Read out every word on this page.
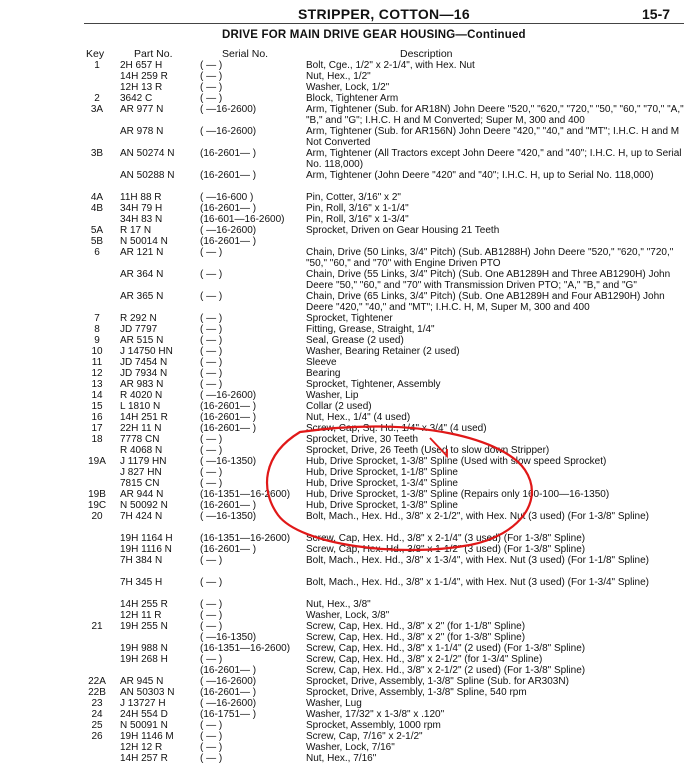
STRIPPER, COTTON—16	15-7
DRIVE FOR MAIN DRIVE GEAR HOUSING—Continued
Key	Part No.	Serial No.	Description
1	2H 657 H	( — )	Bolt, Cge., 1/2" x 2-1/4", with Hex. Nut
14H 259 R	( — )	Nut, Hex., 1/2"
12H 13 R	( — )	Washer, Lock, 1/2"
2	3642 C	( — )	Block, Tightener Arm
3A	AR 977 N	( —16-2600)	Arm, Tightener (Sub. for AR18N) John Deere "520," "620," "720," "50," "60," "70," "A," "B," and "G"; I.H.C. H and M Converted; Super M, 300 and 400
AR 978 N	( —16-2600)	Arm, Tightener (Sub. for AR156N) John Deere "420," "40," and "MT"; I.H.C. H and M Not Converted
3B	AN 50274 N	(16-2601— )	Arm, Tightener (All Tractors except John Deere "420," and "40"; I.H.C. H, up to Serial No. 118,000)
AN 50288 N	(16-2601— )	Arm, Tightener (John Deere "420" and "40"; I.H.C. H, up to Serial No. 118,000)
4A	11H 88 R	( —16-600 )	Pin, Cotter, 3/16" x 2"
4B	34H 79 H	(16-2601— )	Pin, Roll, 3/16" x 1-1/4"
34H 83 N	(16-601—16-2600) Pin, Roll, 3/16" x 1-3/4"
5A	R 17 N	( —16-2600)	Sprocket, Driven on Gear Housing 21 Teeth
5B	N 50014 N	(16-2601— )
6	AR 121 N	( — )	Chain, Drive (50 Links, 3/4" Pitch) (Sub. AB1288H) John Deere "520," "620," "720," "50," "60," and "70" with Engine Driven PTO
AR 364 N	( — )	Chain, Drive (55 Links, 3/4" Pitch) (Sub. One AB1289H and Three AB1290H) John Deere "50," "60," and "70" with Transmission Driven PTO; "A," "B," and "G"
AR 365 N	( — )	Chain, Drive (65 Links, 3/4" Pitch) (Sub. One AB1289H and Four AB1290H) John Deere "420," "40," and "MT"; I.H.C. H, M, Super M, 300 and 400
7	R 292 N	( — )	Sprocket, Tightener
8	JD 7797	( — )	Fitting, Grease, Straight, 1/4"
9	AR 515 N	( — )	Seal, Grease (2 used)
10	J 14750 HN	( — )	Washer, Bearing Retainer (2 used)
11	JD 7454 N	( — )	Sleeve
12	JD 7934 N	( — )	Bearing
13	AR 983 N	( — )	Sprocket, Tightener, Assembly
14	R 4020 N	( —16-2600)	Washer, Lip
15	L 1810 N	(16-2601— )	Collar (2 used)
16	14H 251 R	(16-2601— )	Nut, Hex., 1/4" (4 used)
17	22H 11 N	(16-2601— )	Screw, Cap, Sq. Hd., 1/4" x 3/4" (4 used)
18	7778 CN	( — )	Sprocket, Drive, 30 Teeth
R 4068 N	( — )	Sprocket, Drive, 26 Teeth (Used to slow down Stripper)
19A J 1179 HN	( —16-1350)	Hub, Drive Sprocket, 1-3/8" Spline (Used with slow speed Sprocket)
J 827 HN	( — )	Hub, Drive Sprocket, 1-1/8" Spline
7815 CN	( — )	Hub, Drive Sprocket, 1-3/4" Spline
19B AR 944 N	(16-1351—16-2600) Hub, Drive Sprocket, 1-3/8" Spline (Repairs only 160-100—16-1350)
19C N 50092 N	(16-2601— )	Hub, Drive Sprocket, 1-3/8" Spline
20	7H 424 N	( —16-1350)	Bolt, Mach., Hex. Hd., 3/8" x 2-1/2", with Hex. Nut (3 used) (For 1-3/8" Spline)
19H 1164 H	(16-1351—16-2600) Screw, Cap, Hex. Hd., 3/8" x 2-1/4" (3 used) (For 1-3/8" Spline)
19H 1116 N	(16-2601— )	Screw, Cap, Hex. Hd., 3/8" x 1-1/2" (3 used) (For 1-3/8" Spline)
7H 384 N	( — )	Bolt, Mach., Hex. Hd., 3/8" x 1-3/4", with Hex. Nut (3 used) (For 1-1/8" Spline)
7H 345 H	( — )	Bolt, Mach., Hex. Hd., 3/8" x 1-1/4", with Hex. Nut (3 used) (For 1-3/4" Spline)
14H 255 R	( — )	Nut, Hex., 3/8"
12H 11 R	( — )	Washer, Lock, 3/8"
21	19H 255 N	( — )	Screw, Cap, Hex. Hd., 3/8" x 2" (for 1-1/8" Spline)
( —16-1350)	Screw, Cap, Hex. Hd., 3/8" x 2" (for 1-3/8" Spline)
19H 988 N	(16-1351—16-2600) Screw, Cap, Hex. Hd., 3/8" x 1-1/4" (2 used) (For 1-3/8" Spline)
19H 268 H	( — )	Screw, Cap, Hex. Hd., 3/8" x 2-1/2" (for 1-3/4" Spline)
(16-2601— )	Screw, Cap, Hex. Hd., 3/8" x 2-1/2" (2 used) (For 1-3/8" Spline)
22A AR 945 N	( —16-2600)	Sprocket, Drive, Assembly, 1-3/8" Spline (Sub. for AR303N)
22B AN 50303 N	(16-2601— )	Sprocket, Drive, Assembly, 1-3/8" Spline, 540 rpm
23	J 13727 H	( —16-2600)	Washer, Lug
24	24H 554 D	(16-1751— )	Washer, 17/32" x 1-3/8" x .120"
25	N 50091 N	( — )	Sprocket, Assembly, 1000 rpm
26	19H 1146 M	( — )	Screw, Cap, 7/16" x 2-1/2"
12H 12 R	( — )	Washer, Lock, 7/16"
14H 257 R	( — )	Nut, Hex., 7/16"
